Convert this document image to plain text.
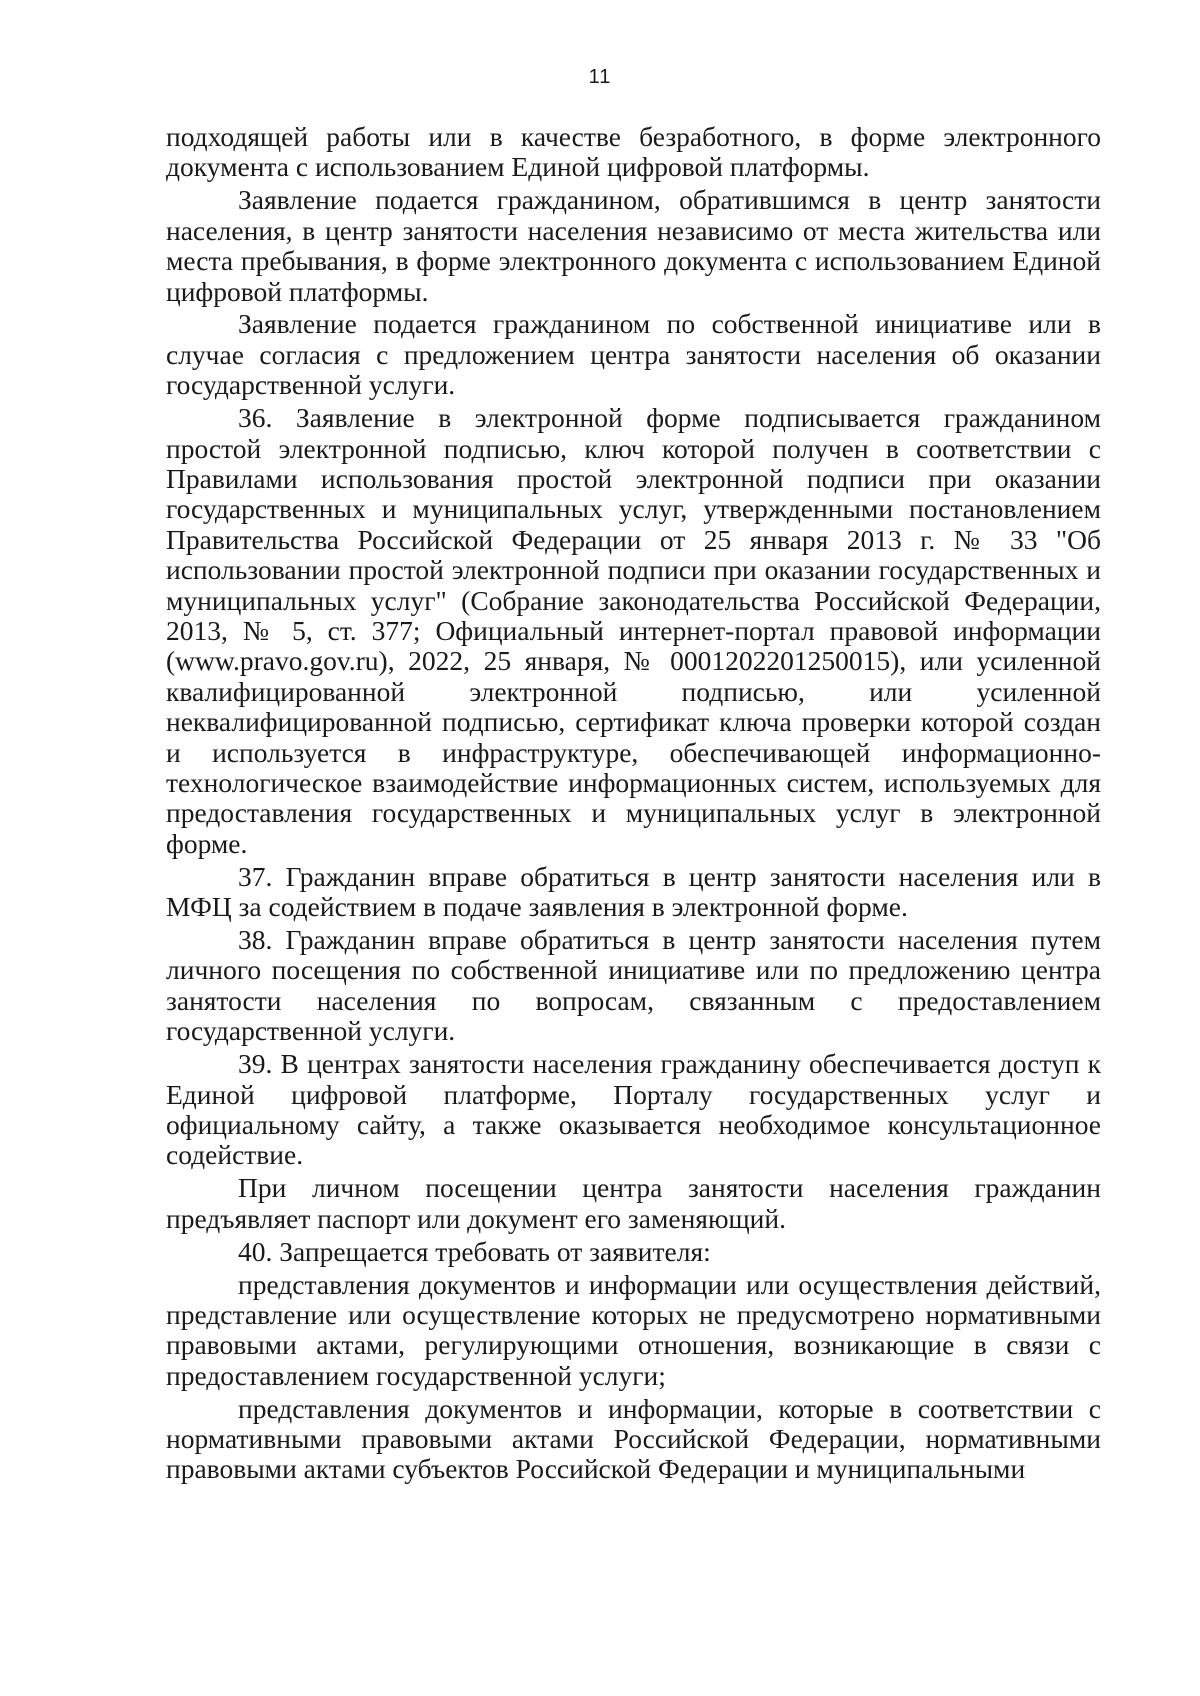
11

подходящей работы или в качестве безработного, в форме электронного документа с использованием Единой цифровой платформы.

Заявление подается гражданином, обратившимся в центр занятости населения, в центр занятости населения независимо от места жительства или места пребывания, в форме электронного документа с использованием Единой цифровой платформы.

Заявление подается гражданином по собственной инициативе или в случае согласия с предложением центра занятости населения об оказании государственной услуги.

36. Заявление в электронной форме подписывается гражданином простой электронной подписью, ключ которой получен в соответствии с Правилами использования простой электронной подписи при оказании государственных и муниципальных услуг, утвержденными постановлением Правительства Российской Федерации от 25 января 2013 г. № 33 "Об использовании простой электронной подписи при оказании государственных и муниципальных услуг" (Собрание законодательства Российской Федерации, 2013, № 5, ст. 377; Официальный интернет-портал правовой информации (www.pravo.gov.ru), 2022, 25 января, № 0001202201250015), или усиленной квалифицированной электронной подписью, или усиленной неквалифицированной подписью, сертификат ключа проверки которой создан и используется в инфраструктуре, обеспечивающей информационно-технологическое взаимодействие информационных систем, используемых для предоставления государственных и муниципальных услуг в электронной форме.

37. Гражданин вправе обратиться в центр занятости населения или в МФЦ за содействием в подаче заявления в электронной форме.

38. Гражданин вправе обратиться в центр занятости населения путем личного посещения по собственной инициативе или по предложению центра занятости населения по вопросам, связанным с предоставлением государственной услуги.

39. В центрах занятости населения гражданину обеспечивается доступ к Единой цифровой платформе, Порталу государственных услуг и официальному сайту, а также оказывается необходимое консультационное содействие.

При личном посещении центра занятости населения гражданин предъявляет паспорт или документ его заменяющий.

40. Запрещается требовать от заявителя:

представления документов и информации или осуществления действий, представление или осуществление которых не предусмотрено нормативными правовыми актами, регулирующими отношения, возникающие в связи с предоставлением государственной услуги;

представления документов и информации, которые в соответствии с нормативными правовыми актами Российской Федерации, нормативными правовыми актами субъектов Российской Федерации и муниципальными
